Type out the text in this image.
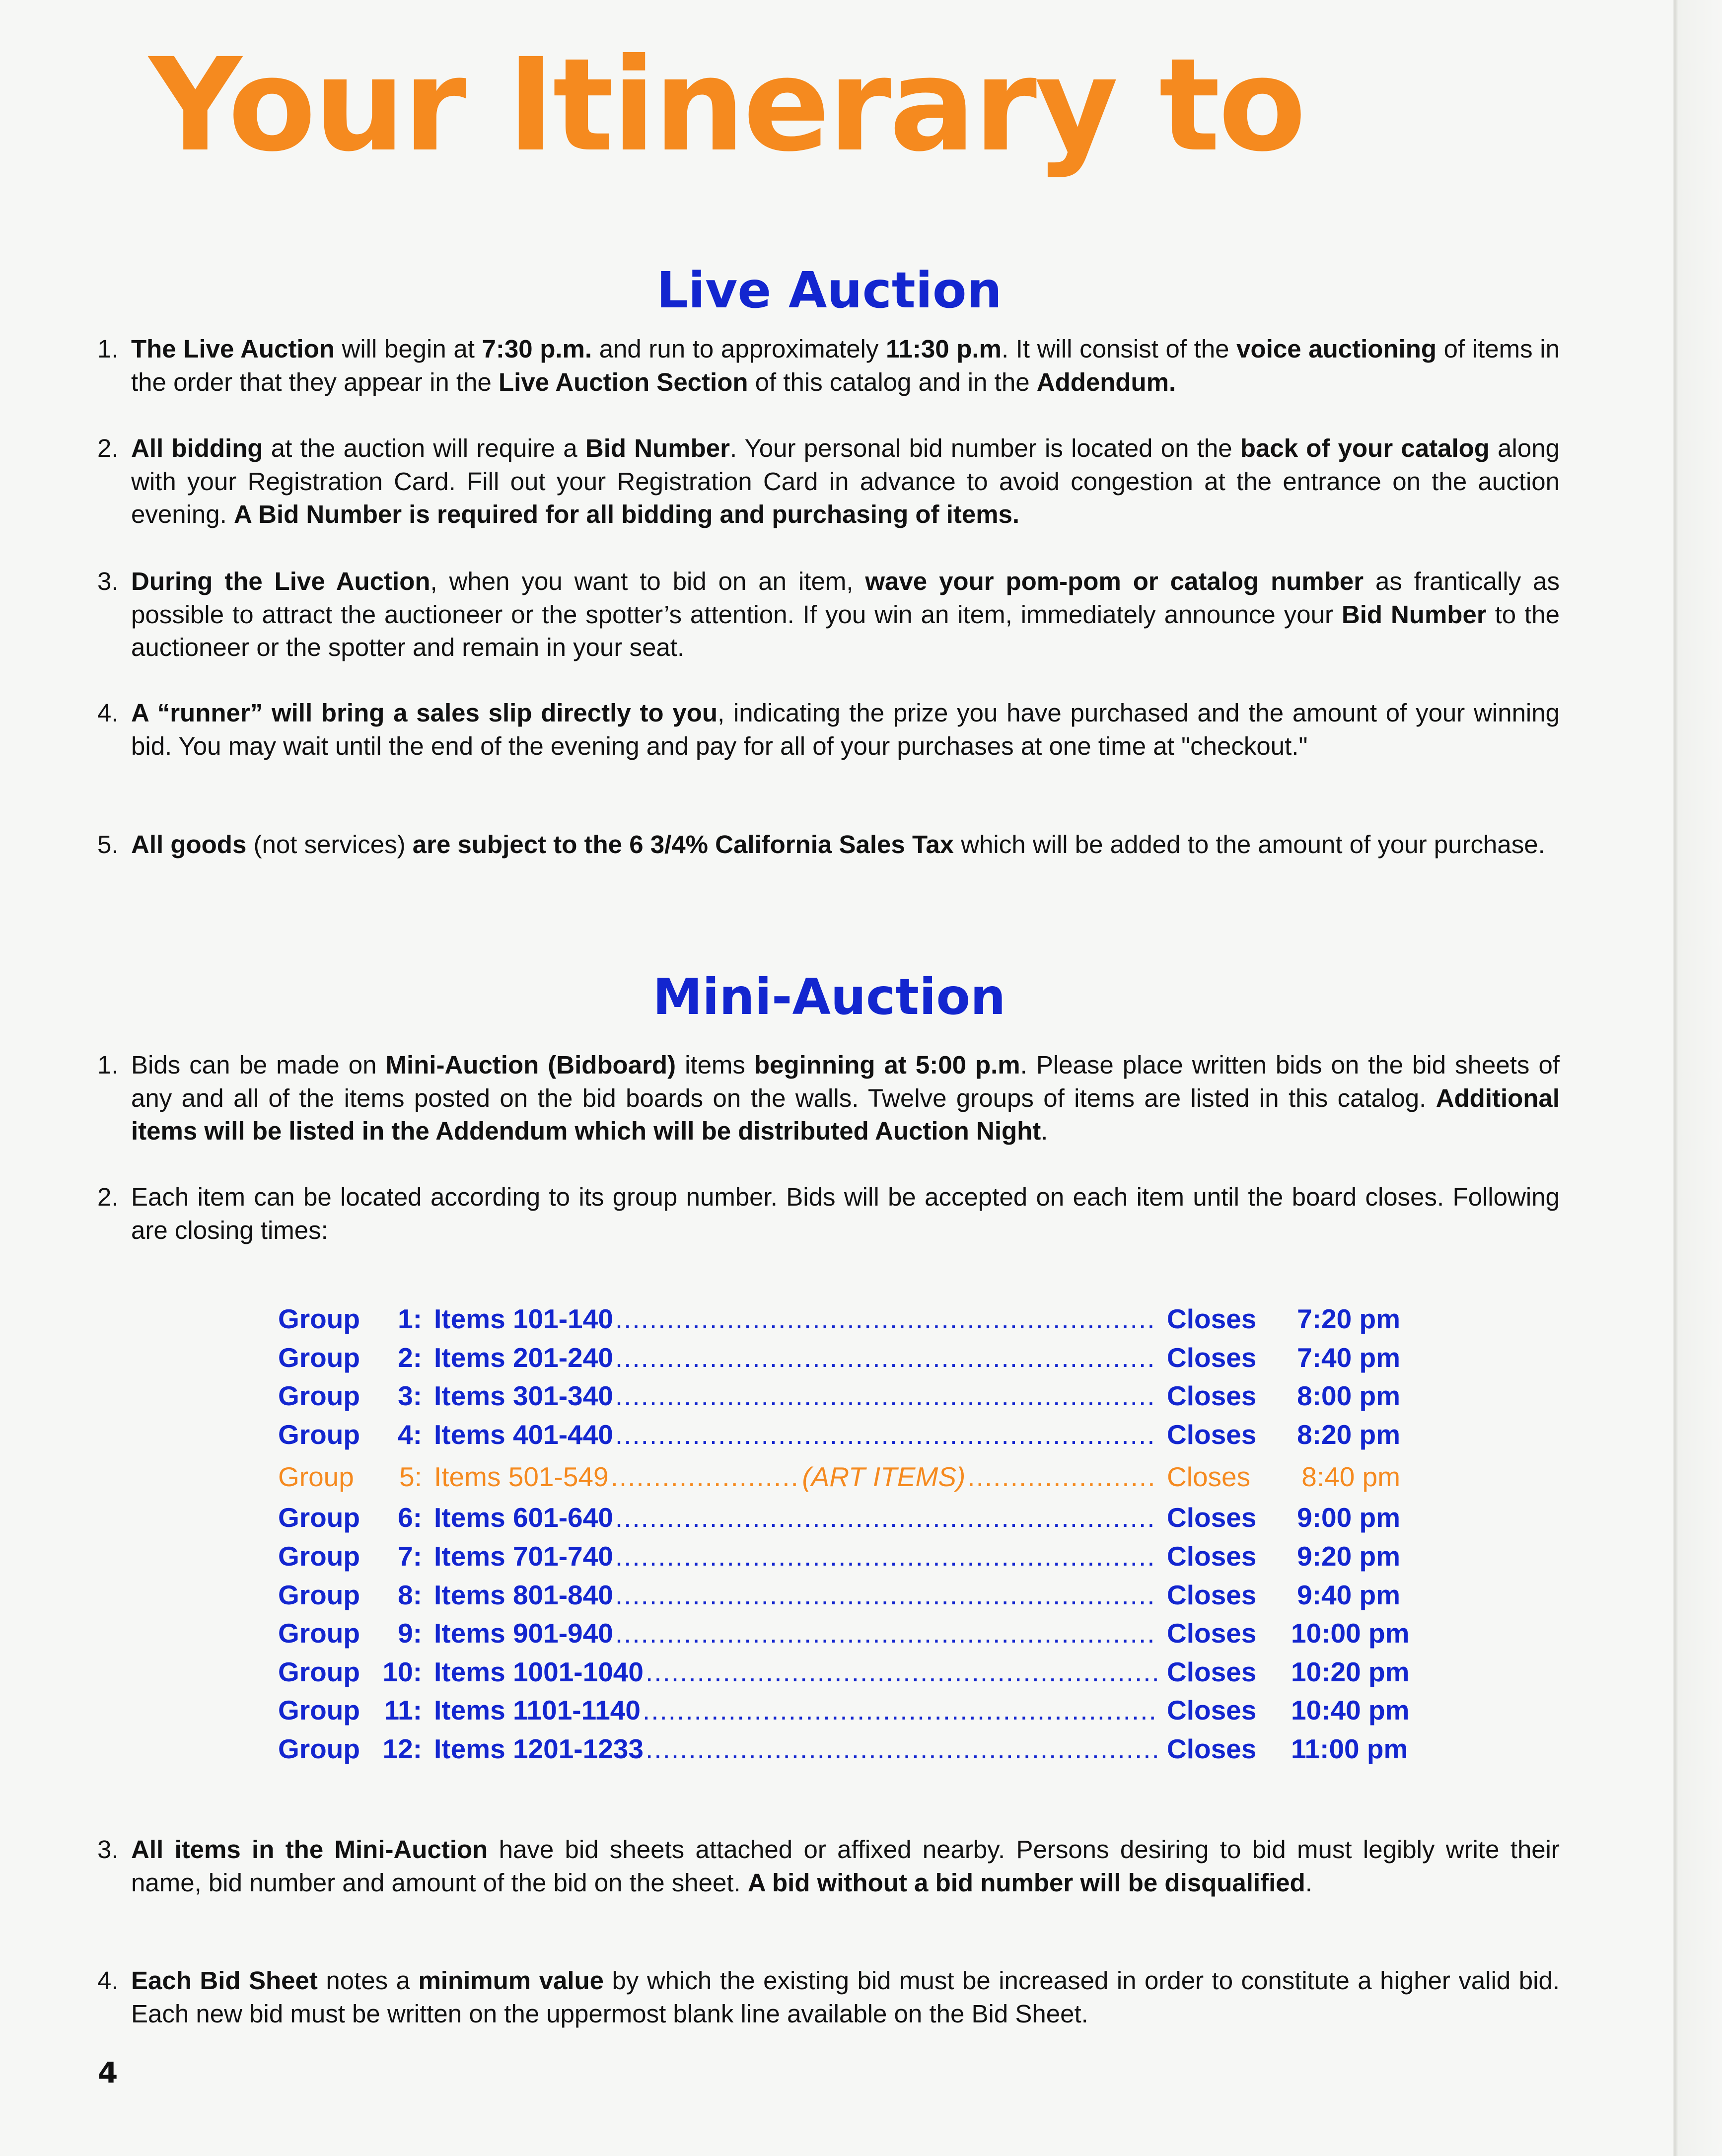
Your Itinerary to
Live Auction
1. The Live Auction will begin at 7:30 p.m. and run to approximately 11:30 p.m. It will consist of the voice auctioning of items in the order that they appear in the Live Auction Section of this catalog and in the Addendum.
2. All bidding at the auction will require a Bid Number. Your personal bid number is located on the back of your catalog along with your Registration Card. Fill out your Registration Card in advance to avoid congestion at the entrance on the auction evening. A Bid Number is required for all bidding and purchasing of items.
3. During the Live Auction, when you want to bid on an item, wave your pom-pom or catalog number as frantically as possible to attract the auctioneer or the spotter’s attention. If you win an item, immediately announce your Bid Number to the auctioneer or the spotter and remain in your seat.
4. A “runner” will bring a sales slip directly to you, indicating the prize you have purchased and the amount of your winning bid. You may wait until the end of the evening and pay for all of your purchases at one time at "checkout."
5. All goods (not services) are subject to the 6 3/4% California Sales Tax which will be added to the amount of your purchase.
Mini-Auction
1. Bids can be made on Mini-Auction (Bidboard) items beginning at 5:00 p.m. Please place written bids on the bid sheets of any and all of the items posted on the bid boards on the walls. Twelve groups of items are listed in this catalog. Additional items will be listed in the Addendum which will be distributed Auction Night.
2. Each item can be located according to its group number. Bids will be accepted on each item until the board closes. Following are closing times:
Group	1: Items 101-140 .....	Closes	7:20 pm
Group	2: Items 201-240 .....	Closes	7:40 pm
Group	3: Items 301-340 .....	Closes	8:00 pm
Group	4: Items 401-440 .....	Closes	8:20 pm
Group	5: Items 501-549 .....	(ART ITEMS) .....	Closes	8:40 pm
Group	6: Items 601-640 .....	Closes	9:00 pm
Group	7: Items 701-740 .....	Closes	9:20 pm
Group	8: Items 801-840 .....	Closes	9:40 pm
Group	9: Items 901-940 .....	Closes	10:00 pm
Group 10: Items 1001-1040 .....	Closes	10:20 pm
Group 11: Items 1101-1140 .....	Closes	10:40 pm
Group 12: Items 1201-1233 .....	Closes	11:00 pm
3. All items in the Mini-Auction have bid sheets attached or affixed nearby. Persons desiring to bid must legibly write their name, bid number and amount of the bid on the sheet. A bid without a bid number will be disqualified.
4. Each Bid Sheet notes a minimum value by which the existing bid must be increased in order to constitute a higher valid bid. Each new bid must be written on the uppermost blank line available on the Bid Sheet.
4
